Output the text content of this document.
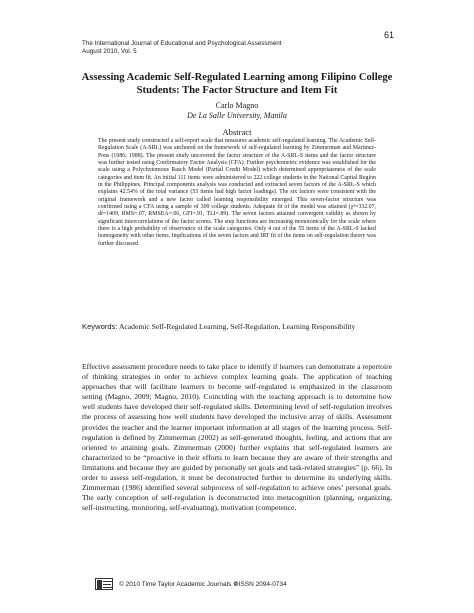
61
The International Journal of Educational and Psychological Assessment
August 2010, Vol. 5
Assessing Academic Self-Regulated Learning among Filipino College Students: The Factor Structure and Item Fit
Carlo Magno
De La Salle University, Manila
Abstract
The present study constructed a self-report scale that measures academic self-regulated learning. The Academic Self-Regulation Scale (A-SRL) was anchored on the framework of self-regulated learning by Zimmerman and Martinez-Pons (1986; 1988). The present study uncovered the factor structure of the A-SRL-S items and the factor structure was further tested using Confirmatory Factor Analysis (CFA). Further psychometric evidence was established for the scale using a Polychotomous Rasch Model (Partial Credit Model) which determined appropriateness of the scale categories and item fit. An initial 111 items were administered to 222 college students in the National Capital Region in the Philippines. Principal components analysis was conducted and extracted seven factors of the A-SRL-S which explains 42.54% of the total variance (55 items had high factor loadings). The six factors were consistent with the original framework and a new factor called learning responsibility emerged. This seven-factor structure was confirmed using a CFA using a sample of 309 college students. Adequate fit of the model was attained (χ²=332.07, df=1409, RMS=.07, RMSEA=.06, GFI=.91, TLI=.89). The seven factors attained convergent validity as shown by significant intercorrelations of the factor scores. The step functions are increasing monotonically for the scale where there is a high probability of observance of the scale categories. Only 4 out of the 55 items of the A-SRL-S lacked homogeneity with other items. Implications of the seven factors and IRT fit of the items on self-regulation theory was further discussed.
Keywords: Academic Self-Regulated Learning, Self-Regulation, Learning Responsibility
Effective assessment procedure needs to take place to identify if learners can demonstrate a repertoire of thinking strategies in order to achieve complex learning goals. The application of teaching approaches that will facilitate learners to become self-regulated is emphasized in the classroom setting (Magno, 2009; Magno, 2010). Coinciding with the teaching approach is to determine how well students have developed their self-regulated skills. Determining level of self-regulation involves the process of assessing how well students have developed the inclusive array of skills. Assessment provides the teacher and the learner important information at all stages of the learning process. Self-regulation is defined by Zimmerman (2002) as self-generated thoughts, feeling, and actions that are oriented to attaining goals. Zimmerman (2000) further explains that self-regulated learners are characterized to be “proactive in their efforts to learn because they are aware of their strengths and limitations and because they are guided by personally set goals and task-related strategies” (p. 66). In order to assess self-regulation, it must be deconstructed further to determine its underlying skills. Zimmerman (1986) identified several subprocess of self-regulation to achieve ones’ personal goals. The early conception of self-regulation is deconstructed into metacognition (planning, organizing, self-instructing, monitoring, self-evaluating), motivation (competence,
© 2010 Time Taylor Academic Journals ❁ISSN 2094-0734
